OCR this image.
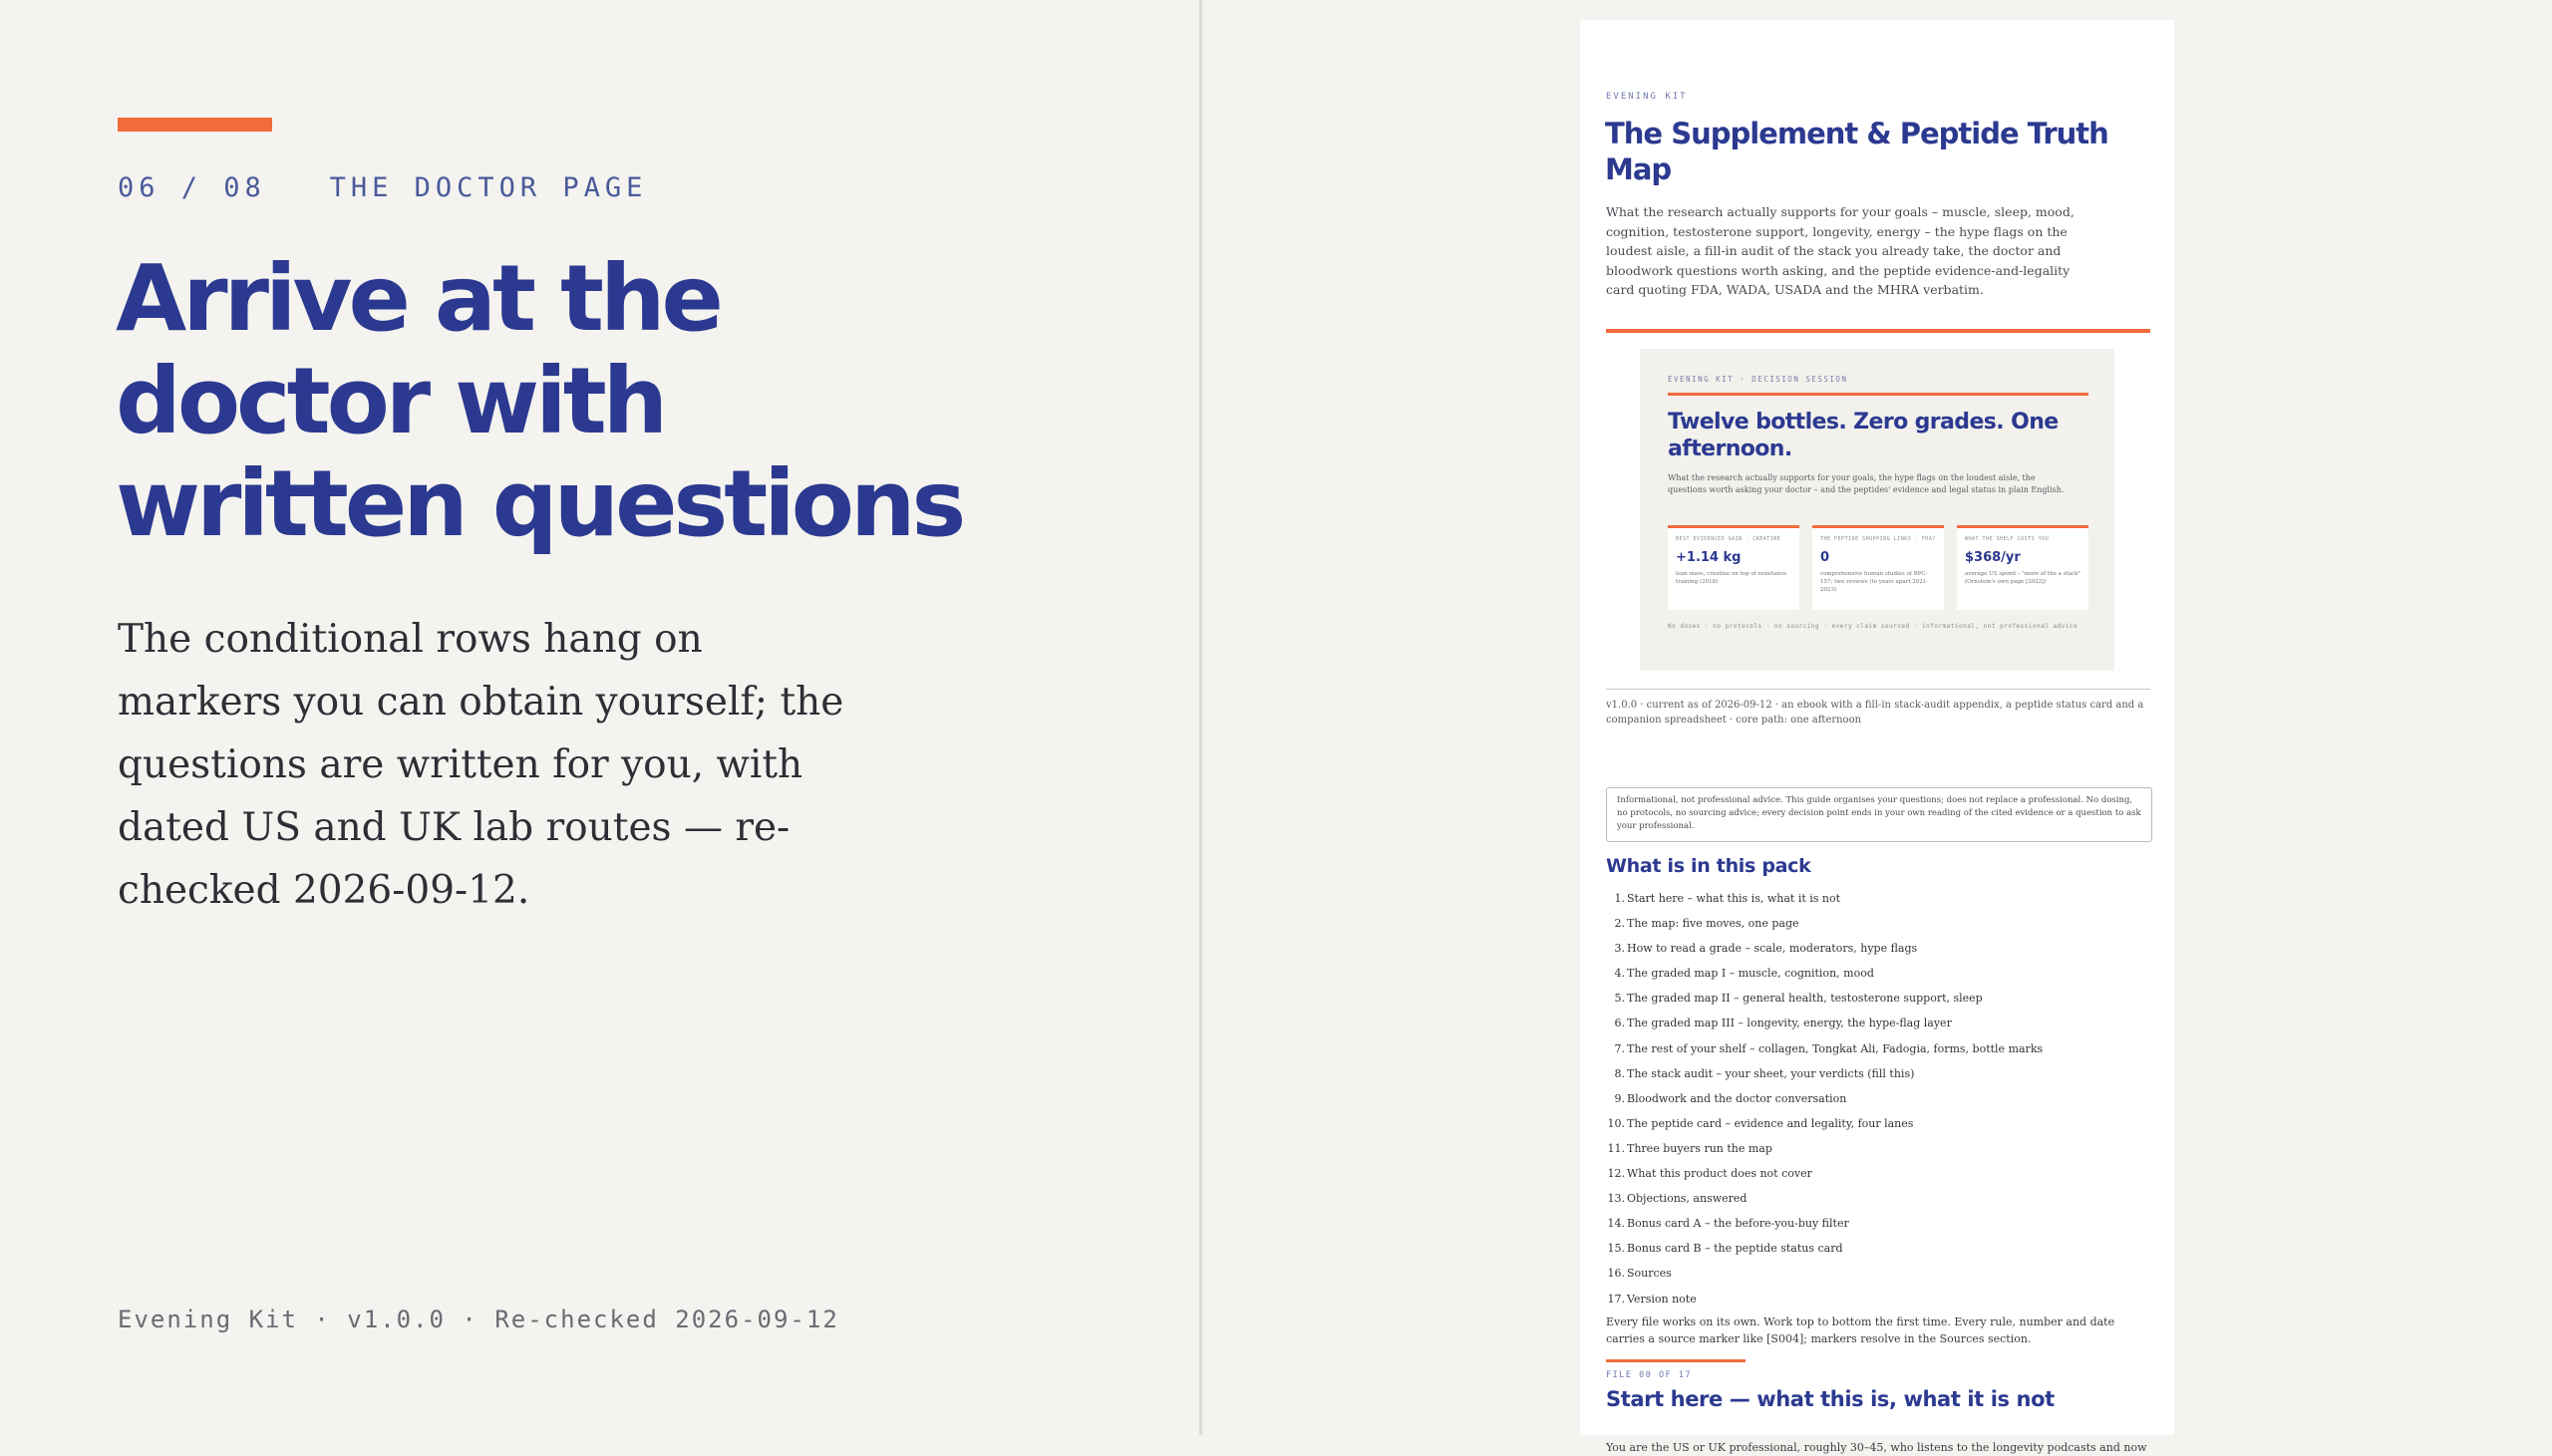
06 / 08 THE DOCTOR PAGE
Arrive at the doctor with written questions

The conditional rows hang on markers you can obtain yourself; the questions are written for you, with dated US and UK lab routes — re-checked 2026-09-12.

Evening Kit · v1.0.0 · Re-checked 2026-09-12
EVENING KIT
The Supplement & Peptide Truth Map

What the research actually supports for your goals – muscle, sleep, mood, cognition, testosterone support, longevity, energy – the hype flags on the loudest aisle, a fill-in audit of the stack you already take, the doctor and bloodwork questions worth asking, and the peptide evidence-and-legality card quoting FDA, WADA, USADA and the MHRA verbatim.

EVENING KIT · DECISION SESSION
Twelve bottles. Zero grades. One afternoon.

What the research actually supports for your goals, the hype flags on the loudest aisle, the questions worth asking your doctor – and the peptides' evidence and legal status in plain English.

BEST EVIDENCED GAIN · CREATINE
+1.14 kg
lean mass, creatine on top of resistance training (2018)
THE PEPTIDE SHOPPING LINKS · FDA?
0
comprehensive human studies of BPC-157; two reviews (to years apart 2021-2023)
WHAT THE SHELF COSTS YOU
$368/yr
average US spend – "more of the a stack" (Ornstein's own page [2022])
No doses · no protocols · no sourcing · every claim sourced · informational, not professional advice

v1.0.0 · current as of 2026-09-12 · an ebook with a fill-in stack-audit appendix, a peptide status card and a companion spreadsheet · core path: one afternoon

Informational, not professional advice. This guide organises your questions; does not replace a professional. No dosing, no protocols, no sourcing advice; every decision point ends in your own reading of the cited evidence or a question to ask your professional.
What is in this pack
1. Start here – what this is, what it is not
2. The map: five moves, one page
3. How to read a grade – scale, moderators, hype flags
4. The graded map I – muscle, cognition, mood
5. The graded map II – general health, testosterone support, sleep
6. The graded map III – longevity, energy, the hype-flag layer
7. The rest of your shelf – collagen, Tongkat Ali, Fadogia, forms, bottle marks
8. The stack audit – your sheet, your verdicts (fill this)
9. Bloodwork and the doctor conversation
10. The peptide card – evidence and legality, four lanes
11. Three buyers run the map
12. What this product does not cover
13. Objections, answered
14. Bonus card A – the before-you-buy filter
15. Bonus card B – the peptide status card
16. Sources
17. Version note

Every file works on its own. Work top to bottom the first time. Every rule, number and date carries a source marker like [S004]; markers resolve in the Sources section.

FILE 00 OF 17
Start here — what this is, what it is not

You are the US or UK professional, roughly 30–45, who listens to the longevity podcasts and now
